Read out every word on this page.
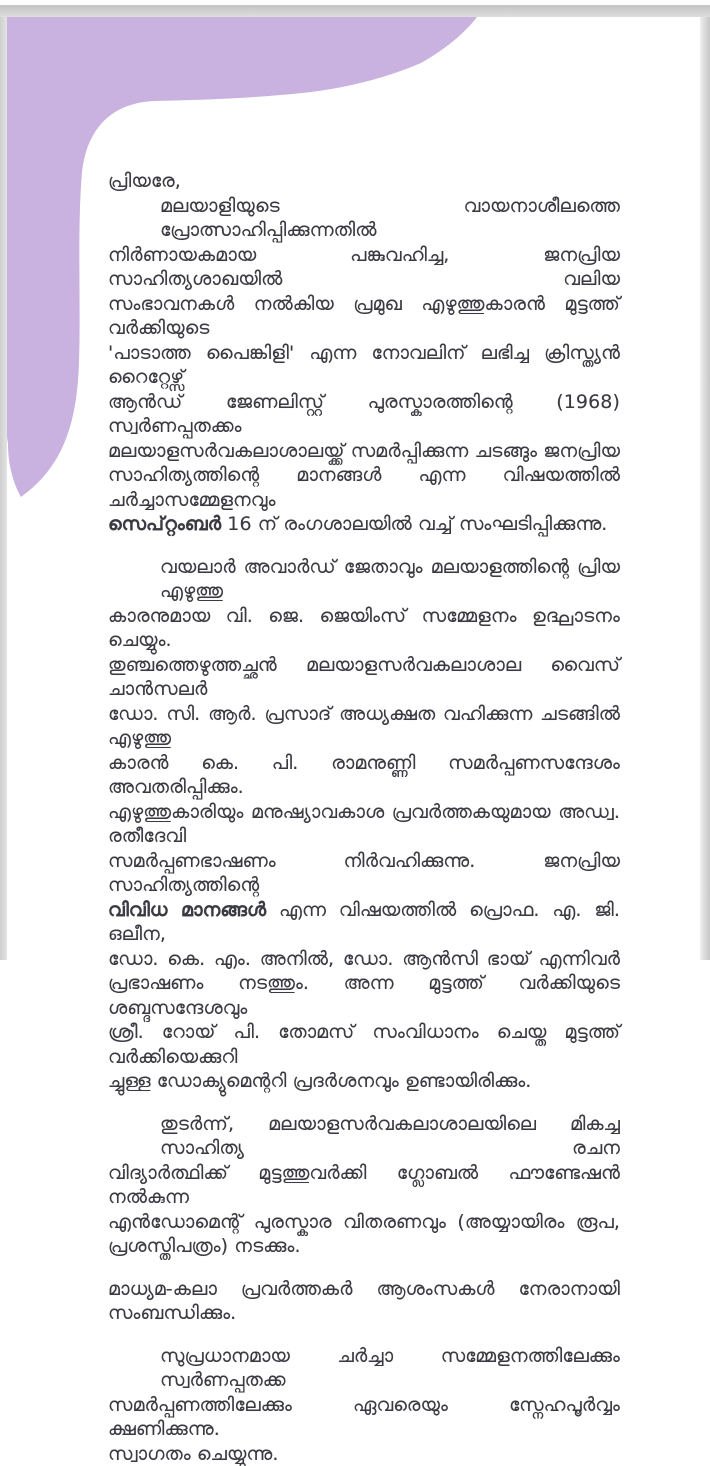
പ്രിയരേ,
മലയാളിയുടെ വായനാശീലത്തെ പ്രോത്സാഹിപ്പിക്കുന്നതിൽ
നിർണായകമായ പങ്കുവഹിച്ച, ജനപ്രിയ സാഹിത്യശാഖയിൽ വലിയ
സംഭാവനകൾ നൽകിയ പ്രമുഖ എഴുത്തുകാരൻ മുട്ടത്ത് വർക്കിയുടെ
'പാടാത്ത പൈങ്കിളി' എന്ന നോവലിന് ലഭിച്ച ക്രിസ്ത്യൻ റൈറ്റേഴ്സ്
ആൻഡ് ജേണലിസ്റ്റ് പുരസ്കാരത്തിന്റെ (1968) സ്വർണപ്പതക്കം
മലയാളസർവകലാശാലയ്ക്ക് സമർപ്പിക്കുന്ന ചടങ്ങും ജനപ്രിയ
സാഹിത്യത്തിന്റെ മാനങ്ങൾ എന്ന വിഷയത്തിൽ ചർച്ചാസമ്മേളനവും
സെപ്റ്റംബർ 16 ന് രംഗശാലയിൽ വച്ച് സംഘടിപ്പിക്കുന്നു.
വയലാർ അവാർഡ് ജേതാവും മലയാളത്തിന്റെ പ്രിയ എഴുത്തു
കാരനുമായ വി. ജെ. ജെയിംസ് സമ്മേളനം ഉദ്ഘാടനം ചെയ്യും.
തുഞ്ചത്തെഴുത്തച്ഛൻ മലയാളസർവകലാശാല വൈസ് ചാൻസലർ
ഡോ. സി. ആർ. പ്രസാദ് അധ്യക്ഷത വഹിക്കുന്ന ചടങ്ങിൽ എഴുത്തു
കാരൻ കെ. പി. രാമനുണ്ണി സമർപ്പണസന്ദേശം അവതരിപ്പിക്കും.
എഴുത്തുകാരിയും മനുഷ്യാവകാശ പ്രവർത്തകയുമായ അഡ്വ. രതീദേവി
സമർപ്പണഭാഷണം നിർവഹിക്കുന്നു. ജനപ്രിയ സാഹിത്യത്തിന്റെ
വിവിധ മാനങ്ങൾ എന്ന വിഷയത്തിൽ പ്രൊഫ. എ. ജി. ഒലീന,
ഡോ. കെ. എം. അനിൽ, ഡോ. ആൻസി ഭായ് എന്നിവർ
പ്രഭാഷണം നടത്തും. അന്ന മുട്ടത്ത് വർക്കിയുടെ ശബ്ദസന്ദേശവും
ശ്രീ. റോയ് പി. തോമസ് സംവിധാനം ചെയ്ത മുട്ടത്ത് വർക്കിയെക്കുറി
ച്ചുള്ള ഡോക്യുമെന്ററി പ്രദർശനവും ഉണ്ടായിരിക്കും.
തുടർന്ന്, മലയാളസർവകലാശാലയിലെ മികച്ച സാഹിത്യ രചന
വിദ്യാർത്ഥിക്ക് മുട്ടത്തുവർക്കി ഗ്ലോബൽ ഫൗണ്ടേഷൻ നൽകുന്ന
എൻഡോമെന്റ് പുരസ്കാര വിതരണവും (അയ്യായിരം രൂപ,
പ്രശസ്തിപത്രം) നടക്കും.
മാധ്യമ-കലാ പ്രവർത്തകർ ആശംസകൾ നേരാനായി സംബന്ധിക്കും.
സുപ്രധാനമായ ചർച്ചാ സമ്മേളനത്തിലേക്കും സ്വർണപ്പതക്ക
സമർപ്പണത്തിലേക്കും ഏവരെയും സ്നേഹപൂർവ്വം ക്ഷണിക്കുന്നു.
സ്വാഗതം ചെയ്യുന്നു.
